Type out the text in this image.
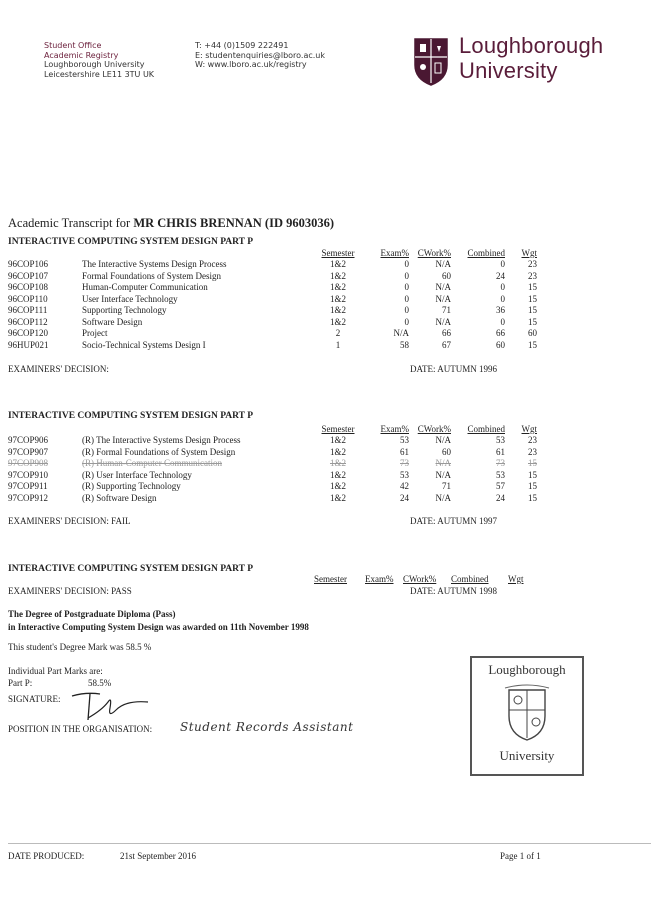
Student Office
Academic Registry
Loughborough University
Leicestershire LE11 3TU UK
T: +44 (0)1509 222491
E: studentenquiries@lboro.ac.uk
W: www.lboro.ac.uk/registry
Loughborough
University
Academic Transcript for MR CHRIS BRENNAN (ID 9603036)
INTERACTIVE COMPUTING SYSTEM DESIGN PART P
		Semester	Exam%	CWork%	Combined	Wgt
96COP106	The Interactive Systems Design Process	1&2	0	N/A	0	23
96COP107	Formal Foundations of System Design	1&2	0	60	24	23
96COP108	Human-Computer Communication	1&2	0	N/A	0	15
96COP110	User Interface Technology	1&2	0	N/A	0	15
96COP111	Supporting Technology	1&2	0	71	36	15
96COP112	Software Design	1&2	0	N/A	0	15
96COP120	Project	2	N/A	66	66	60
96HUP021	Socio-Technical Systems Design I	1	58	67	60	15
EXAMINERS' DECISION:	DATE: AUTUMN 1996
INTERACTIVE COMPUTING SYSTEM DESIGN PART P
		Semester	Exam%	CWork%	Combined	Wgt
97COP906	(R) The Interactive Systems Design Process	1&2	53	N/A	53	23
97COP907	(R) Formal Foundations of System Design	1&2	61	60	61	23
97COP908	(R) Human-Computer Communication	1&2	73	N/A	73	15
97COP910	(R) User Interface Technology	1&2	53	N/A	53	15
97COP911	(R) Supporting Technology	1&2	42	71	57	15
97COP912	(R) Software Design	1&2	24	N/A	24	15
EXAMINERS' DECISION: FAIL	DATE: AUTUMN 1997
INTERACTIVE COMPUTING SYSTEM DESIGN PART P
Semester Exam% CWork% Combined Wgt
EXAMINERS' DECISION: PASS	DATE: AUTUMN 1998
The Degree of Postgraduate Diploma (Pass)
in Interactive Computing System Design was awarded on 11th November 1998
This student's Degree Mark was 58.5 %
Individual Part Marks are:
Part P:	58.5%
SIGNATURE:
POSITION IN THE ORGANISATION: Student Records Assistant
Loughborough
University
DATE PRODUCED:	21st September 2016	Page 1 of 1
